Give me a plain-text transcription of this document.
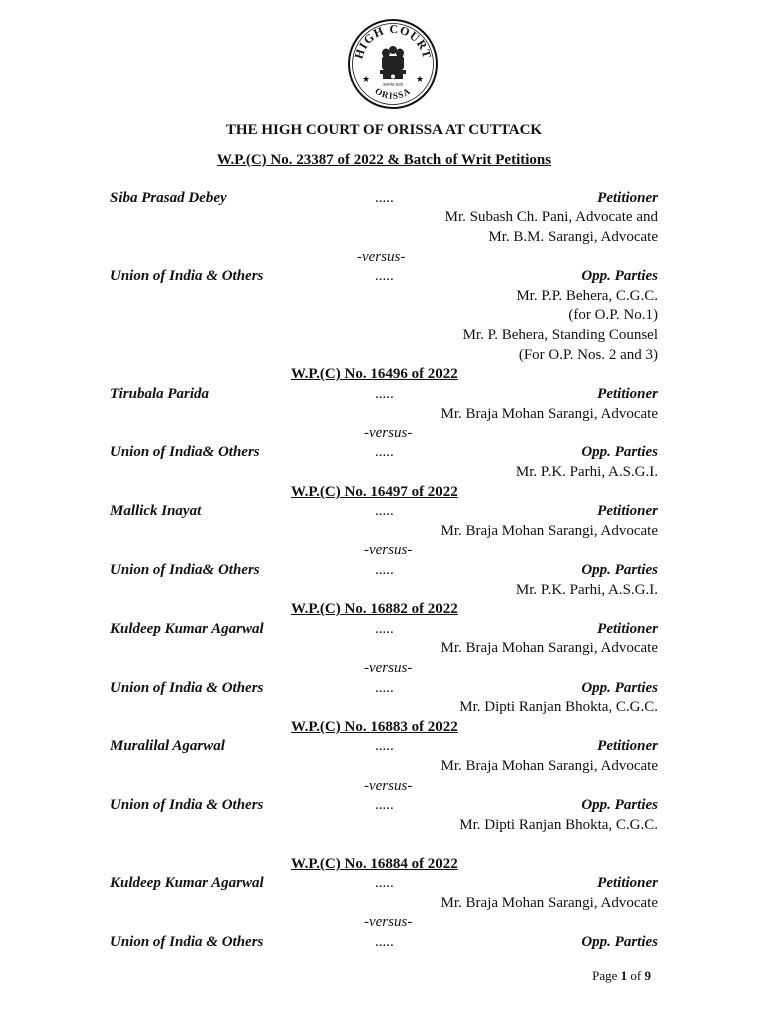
HIGH COURT
ORISSA
★	★
सत्यमेव जयते
THE HIGH COURT OF ORISSA AT CUTTACK
W.P.(C) No. 23387 of 2022 & Batch of Writ Petitions
Siba Prasad Debey	.....	Petitioner
Mr. Subash Ch. Pani, Advocate and
Mr. B.M. Sarangi, Advocate
-versus-
Union of India & Others	.....	Opp. Parties
Mr. P.P. Behera, C.G.C.
(for O.P. No.1)
Mr. P. Behera, Standing Counsel
(For O.P. Nos. 2 and 3)
W.P.(C) No. 16496 of 2022
Tirubala Parida	.....	Petitioner
Mr. Braja Mohan Sarangi, Advocate
-versus-
Union of India& Others	.....	Opp. Parties
Mr. P.K. Parhi, A.S.G.I.
W.P.(C) No. 16497 of 2022
Mallick Inayat	.....	Petitioner
Mr. Braja Mohan Sarangi, Advocate
-versus-
Union of India& Others	.....	Opp. Parties
Mr. P.K. Parhi, A.S.G.I.
W.P.(C) No. 16882 of 2022
Kuldeep Kumar Agarwal	.....	Petitioner
Mr. Braja Mohan Sarangi, Advocate
-versus-
Union of India & Others	.....	Opp. Parties
Mr. Dipti Ranjan Bhokta, C.G.C.
W.P.(C) No. 16883 of 2022
Muralilal Agarwal	.....	Petitioner
Mr. Braja Mohan Sarangi, Advocate
-versus-
Union of India & Others	.....	Opp. Parties
Mr. Dipti Ranjan Bhokta, C.G.C.
W.P.(C) No. 16884 of 2022
Kuldeep Kumar Agarwal	.....	Petitioner
Mr. Braja Mohan Sarangi, Advocate
-versus-
Union of India & Others	.....	Opp. Parties
Page 1 of 9
